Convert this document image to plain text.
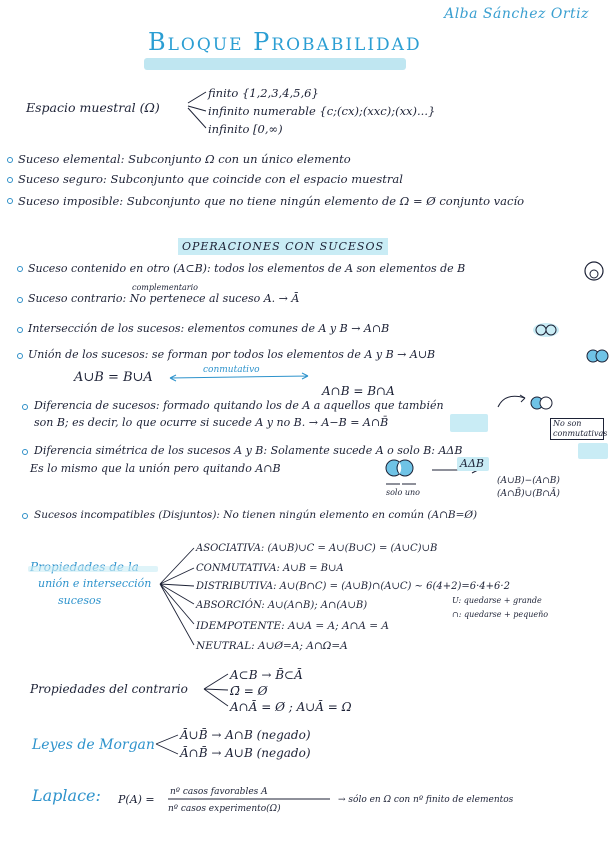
Alba Sánchez Ortiz
Bloque Probabilidad
Espacio muestral (Ω)
finito {1,2,3,4,5,6}
infinito numerable {c;(cx);(xxc);(xx)...}
infinito [0,∞)
Suceso elemental: Subconjunto Ω con un único elemento
Suceso seguro: Subconjunto que coincide con el espacio muestral
Suceso imposible: Subconjunto que no tiene ningún elemento de Ω = Ø conjunto vacío
OPERACIONES CON SUCESOS
Suceso contenido en otro (A⊂B): todos los elementos de A son elementos de B
complementario
Suceso contrario: No pertenece al suceso A. → Ā
Intersección de los sucesos: elementos comunes de A y B → A∩B
Unión de los sucesos: se forman por todos los elementos de A y B → A∪B
conmutativo
A∪B = B∪A
A∩B = B∩A
Diferencia de sucesos: formado quitando los de A a aquellos que también
son B; es decir, lo que ocurre si sucede A y no B. → A−B = A∩B̄	No son conmutativas
Diferencia simétrica de los sucesos A y B: Solamente sucede A o solo B: AΔB
Es lo mismo que la unión pero quitando A∩B
solo uno
AΔB
(A∪B)−(A∩B)
(A∩B̄)∪(B∩Ā)
Sucesos incompatibles (Disjuntos): No tienen ningún elemento en común (A∩B=Ø)
unión e intersección
sucesos
ASOCIATIVA: (A∪B)∪C = A∪(B∪C) = (A∪C)∪B
CONMUTATIVA: A∪B = B∪A
DISTRIBUTIVA: A∪(B∩C) = (A∪B)∩(A∪C) ~ 6(4+2)=6·4+6·2
ABSORCIÓN: A∪(A∩B); A∩(A∪B)	U: quedarse + grande
∩: quedarse + pequeño
IDEMPOTENTE: A∪A = A; A∩A = A
NEUTRAL: A∪Ø=A; A∩Ω=A
Propiedades del contrario
A⊂B → B̄⊂Ā
Ω̄ = Ø
A∩Ā = Ø ; A∪Ā = Ω
Leyes de Morgan
Ā∪B̄ → A∩B (negado)
Ā∩B̄ → A∪B (negado)
Laplace: P(A) =
nº casos favorables A
nº casos experimento(Ω)
→ sólo en Ω con nº finito de elementos
